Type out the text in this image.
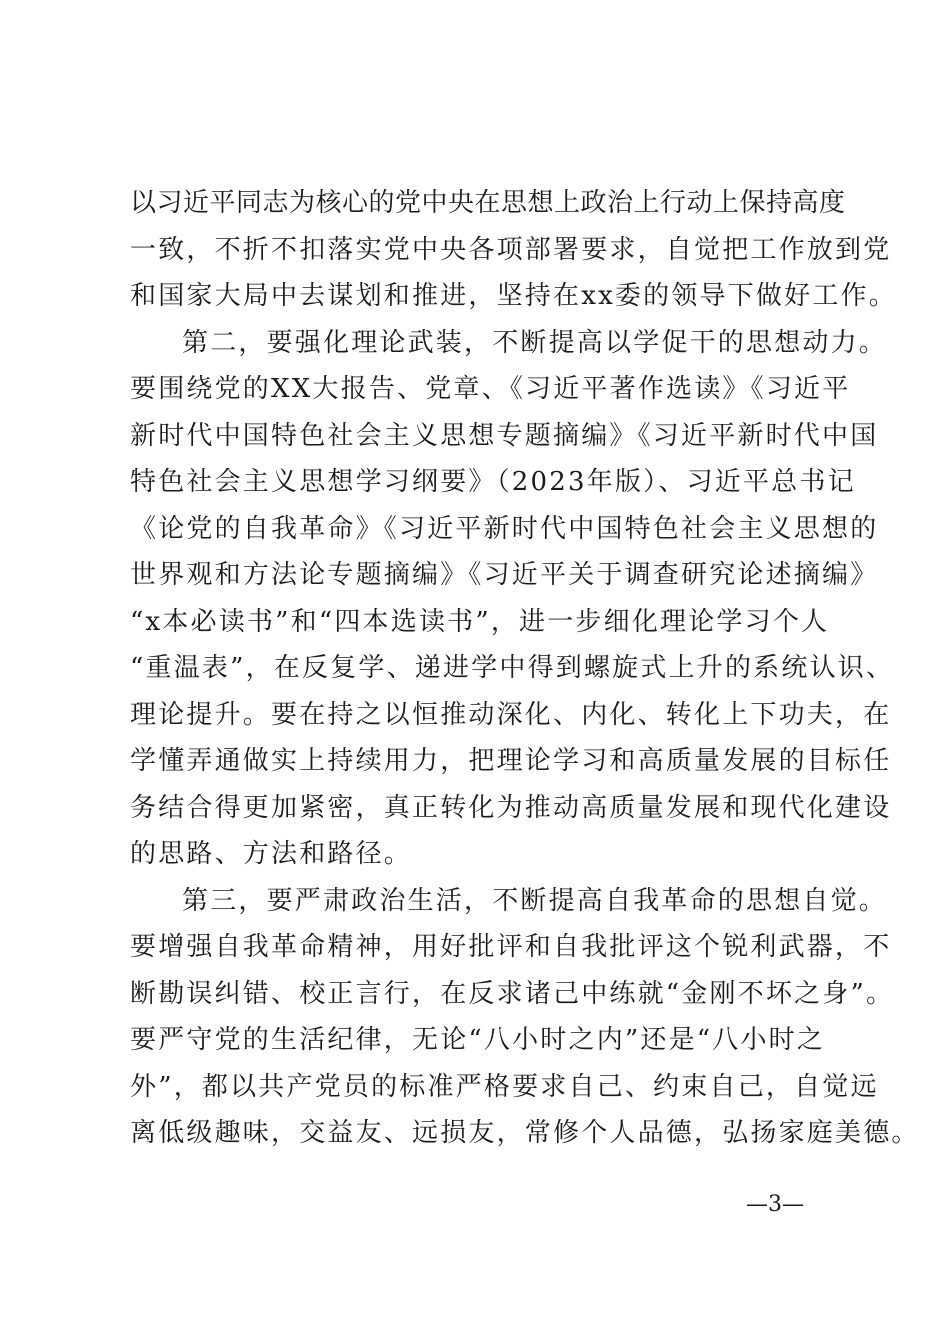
以习近平同志为核心的党中央在思想上政治上行动上保持高度
一致，不折不扣落实党中央各项部署要求，自觉把工作放到党
和国家大局中去谋划和推进，坚持在xx委的领导下做好工作。
第二，要强化理论武装，不断提高以学促干的思想动力。
要围绕党的XX大报告、党章、《习近平著作选读》《习近平
新时代中国特色社会主义思想专题摘编》《习近平新时代中国
特色社会主义思想学习纲要》（2023年版）、习近平总书记
《论党的自我革命》《习近平新时代中国特色社会主义思想的
世界观和方法论专题摘编》《习近平关于调查研究论述摘编》
“x本必读书”和“四本选读书”，进一步细化理论学习个人
“重温表”，在反复学、递进学中得到螺旋式上升的系统认识、
理论提升。要在持之以恒推动深化、内化、转化上下功夫，在
学懂弄通做实上持续用力，把理论学习和高质量发展的目标任
务结合得更加紧密，真正转化为推动高质量发展和现代化建设
的思路、方法和路径。
第三，要严肃政治生活，不断提高自我革命的思想自觉。
要增强自我革命精神，用好批评和自我批评这个锐利武器，不
断勘误纠错、校正言行，在反求诸己中练就“金刚不坏之身”。
要严守党的生活纪律，无论“八小时之内”还是“八小时之
外”，都以共产党员的标准严格要求自己、约束自己，自觉远
离低级趣味，交益友、远损友，常修个人品德，弘扬家庭美德。
—3—
